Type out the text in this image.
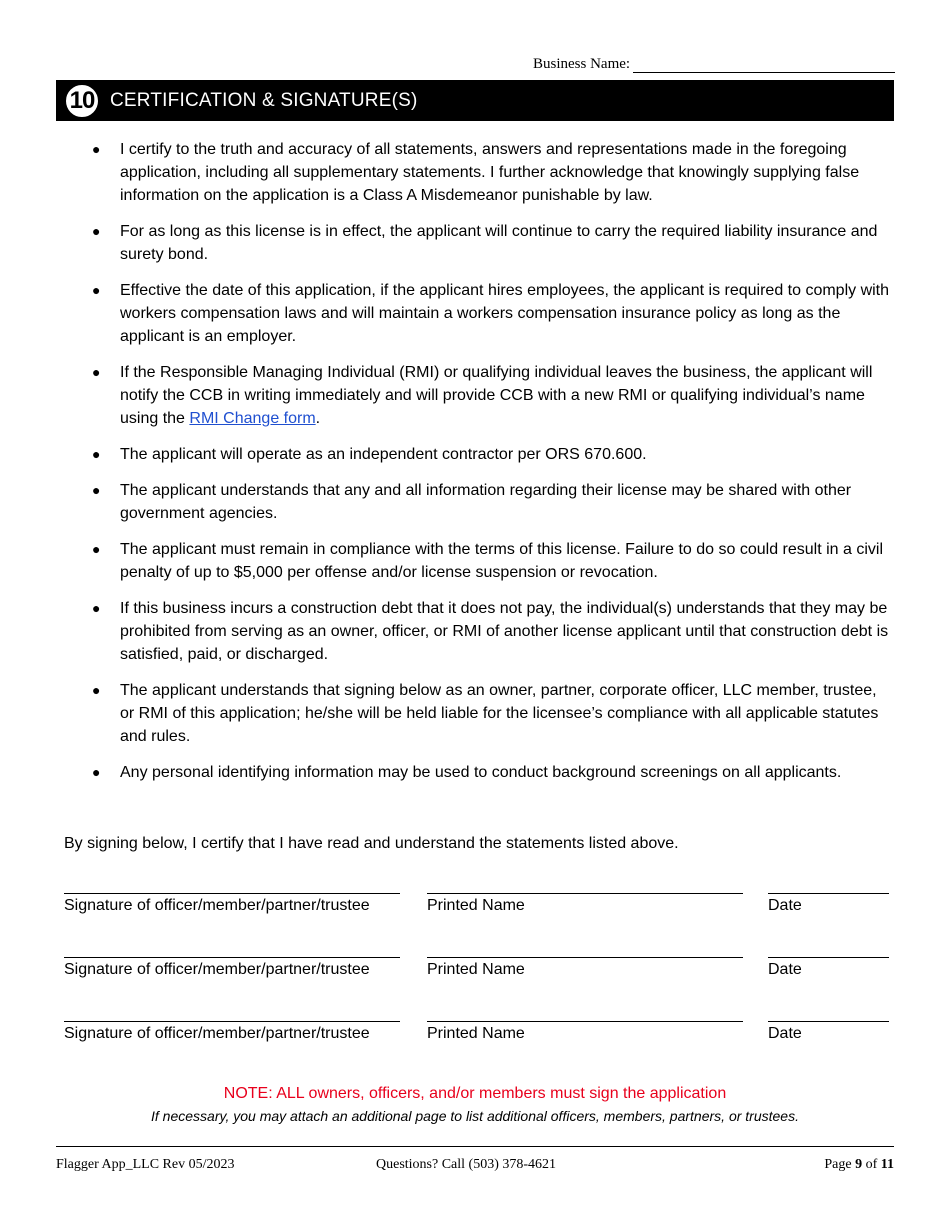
Business Name:
10 CERTIFICATION & SIGNATURE(S)
● I certify to the truth and accuracy of all statements, answers and representations made in the foregoing application, including all supplementary statements. I further acknowledge that knowingly supplying false information on the application is a Class A Misdemeanor punishable by law.
● For as long as this license is in effect, the applicant will continue to carry the required liability insurance and surety bond.
● Effective the date of this application, if the applicant hires employees, the applicant is required to comply with workers compensation laws and will maintain a workers compensation insurance policy as long as the applicant is an employer.
● If the Responsible Managing Individual (RMI) or qualifying individual leaves the business, the applicant will notify the CCB in writing immediately and will provide CCB with a new RMI or qualifying individual’s name using the RMI Change form.
● The applicant will operate as an independent contractor per ORS 670.600.
● The applicant understands that any and all information regarding their license may be shared with other government agencies.
● The applicant must remain in compliance with the terms of this license. Failure to do so could result in a civil penalty of up to $5,000 per offense and/or license suspension or revocation.
● If this business incurs a construction debt that it does not pay, the individual(s) understands that they may be prohibited from serving as an owner, officer, or RMI of another license applicant until that construction debt is satisfied, paid, or discharged.
● The applicant understands that signing below as an owner, partner, corporate officer, LLC member, trustee, or RMI of this application; he/she will be held liable for the licensee’s compliance with all applicable statutes and rules.
● Any personal identifying information may be used to conduct background screenings on all applicants.
By signing below, I certify that I have read and understand the statements listed above.
Signature of officer/member/partner/trustee	Printed Name	Date
Signature of officer/member/partner/trustee	Printed Name	Date
Signature of officer/member/partner/trustee	Printed Name	Date
NOTE: ALL owners, officers, and/or members must sign the application
If necessary, you may attach an additional page to list additional officers, members, partners, or trustees.
Flagger App_LLC Rev 05/2023	Questions? Call (503) 378-4621	Page 9 of 11
